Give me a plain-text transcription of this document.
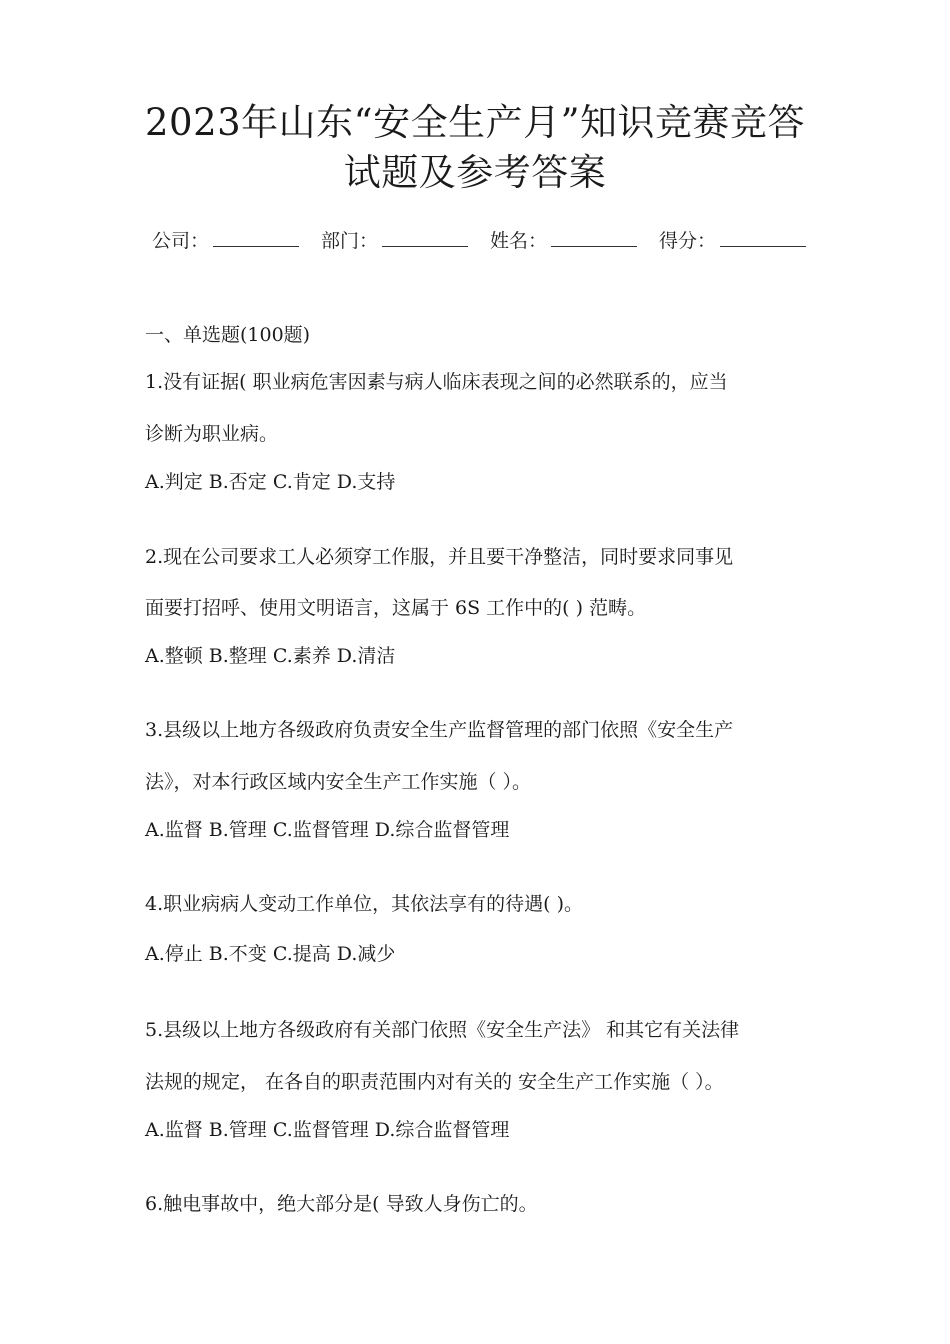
2023年山东“安全生产月”知识竞赛竞答
试题及参考答案
公司：	部门：	姓名：	得分：
一、单选题(100题)
1.没有证据( 职业病危害因素与病人临床表现之间的必然联系的，应当
诊断为职业病。
A.判定 B.否定 C.肯定 D.支持
2.现在公司要求工人必须穿工作服，并且要干净整洁，同时要求同事见
面要打招呼、使用文明语言，这属于 6S 工作中的( ) 范畴。
A.整顿 B.整理 C.素养 D.清洁
3.县级以上地方各级政府负责安全生产监督管理的部门依照《安全生产
法》，对本行政区域内安全生产工作实施（ ）。
A.监督 B.管理 C.监督管理 D.综合监督管理
4.职业病病人变动工作单位，其依法享有的待遇( )。
A.停止 B.不变 C.提高 D.减少
5.县级以上地方各级政府有关部门依照《安全生产法》 和其它有关法律
法规的规定， 在各自的职责范围内对有关的 安全生产工作实施（ ）。
A.监督 B.管理 C.监督管理 D.综合监督管理
6.触电事故中，绝大部分是( 导致人身伤亡的。
